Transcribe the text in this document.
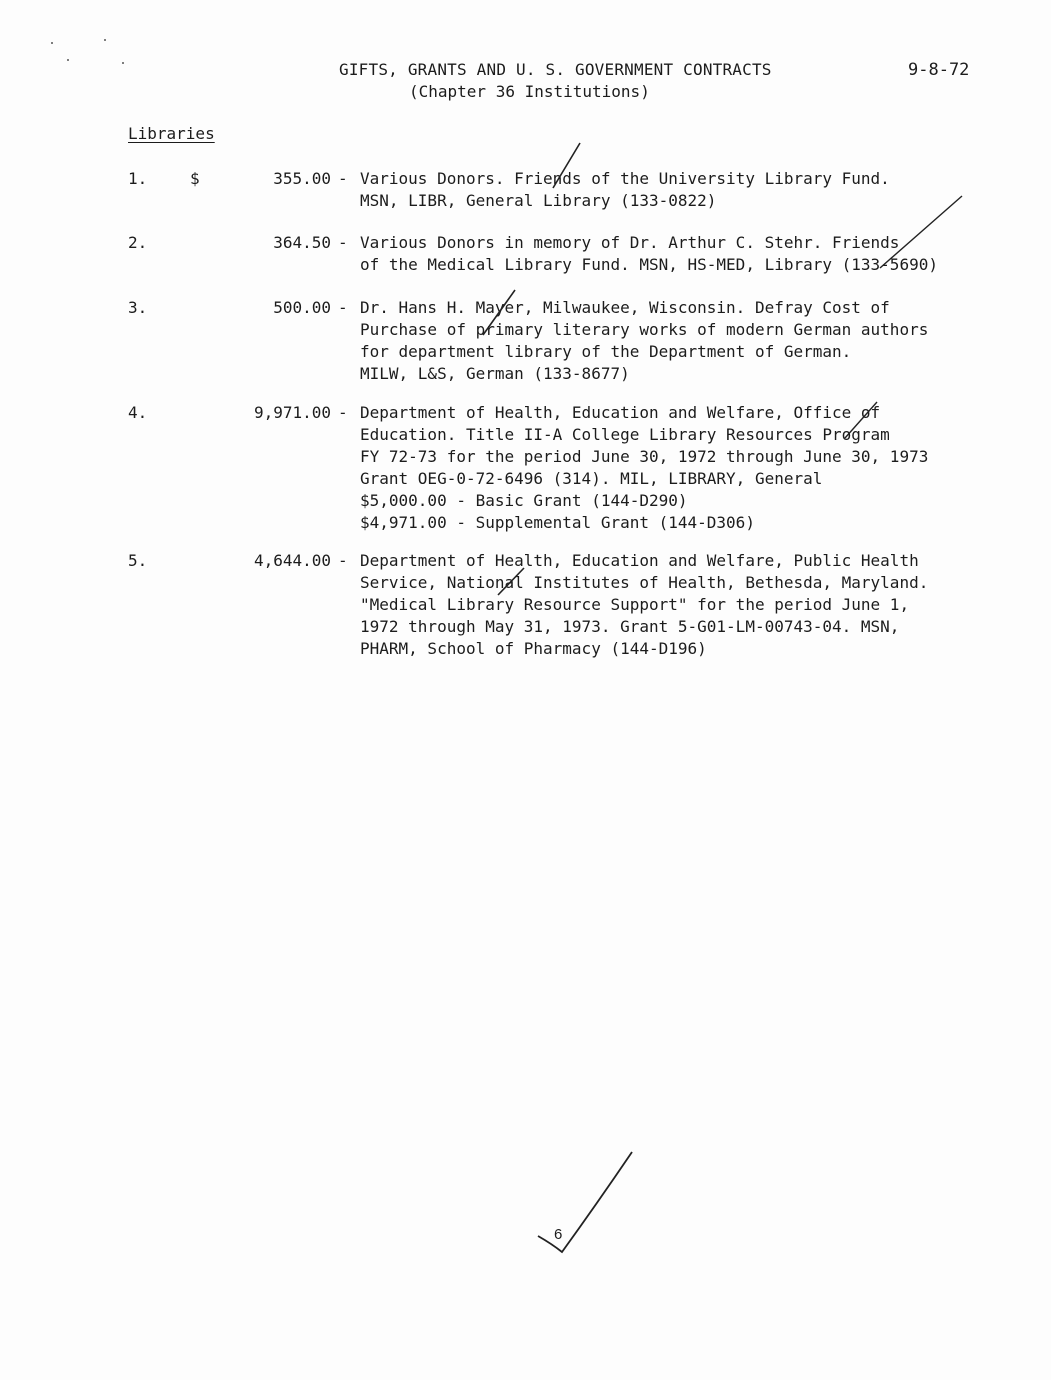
GIFTS, GRANTS AND U. S. GOVERNMENT CONTRACTS
(Chapter 36 Institutions)
9-8-72
Libraries
1.	$	355.00 - Various Donors. Friends of the University Library Fund.
MSN, LIBR, General Library (133-0822)
2.	364.50 - Various Donors in memory of Dr. Arthur C. Stehr. Friends
of the Medical Library Fund. MSN, HS-MED, Library (133-5690)
3.	500.00 - Dr. Hans H. Mayer, Milwaukee, Wisconsin. Defray Cost of
Purchase of primary literary works of modern German authors
for department library of the Department of German.
MILW, L&S, German (133-8677)
4.	9,971.00 - Department of Health, Education and Welfare, Office of
Education. Title II-A College Library Resources Program
FY 72-73 for the period June 30, 1972 through June 30, 1973
Grant OEG-0-72-6496 (314). MIL, LIBRARY, General
$5,000.00 - Basic Grant (144-D290)
$4,971.00 - Supplemental Grant (144-D306)
5.	4,644.00 - Department of Health, Education and Welfare, Public Health
Service, National Institutes of Health, Bethesda, Maryland.
"Medical Library Resource Support" for the period June 1,
1972 through May 31, 1973. Grant 5-G01-LM-00743-04. MSN,
PHARM, School of Pharmacy (144-D196)
6
